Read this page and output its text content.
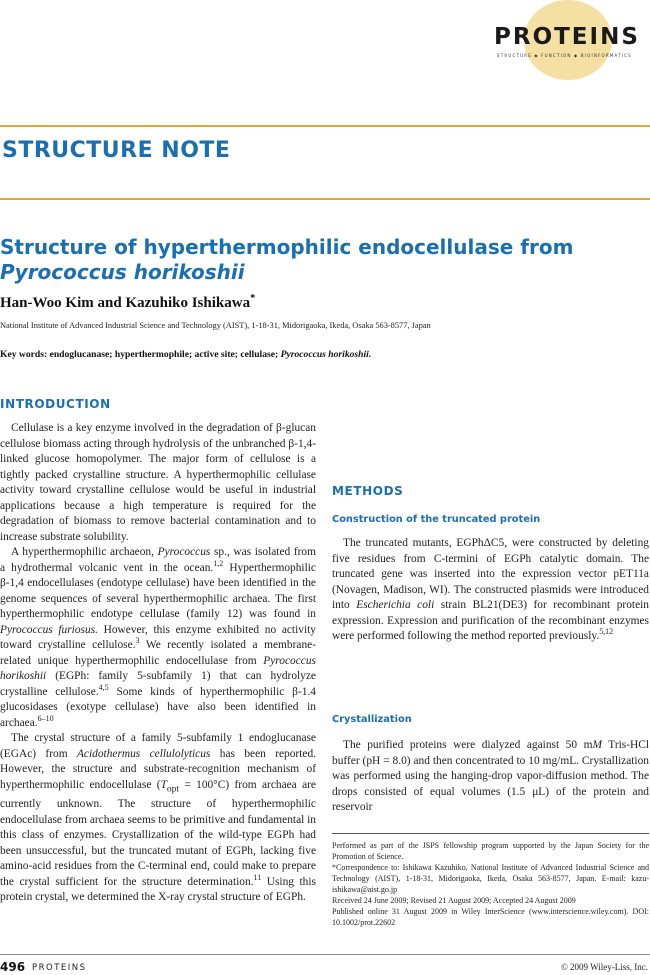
PROTEINS
STRUCTURE ◆ FUNCTION ◆ BIOINFORMATICS
STRUCTURE NOTE
Structure of hyperthermophilic endocellulase from Pyrococcus horikoshii
Han-Woo Kim and Kazuhiko Ishikawa*
National Institute of Advanced Industrial Science and Technology (AIST), 1-18-31, Midorigaoka, Ikeda, Osaka 563-8577, Japan
Key words: endoglucanase; hyperthermophile; active site; cellulase; Pyrococcus horikoshii.
INTRODUCTION

Cellulase is a key enzyme involved in the degradation of β-glucan cellulose biomass acting through hydrolysis of the unbranched β-1,4-linked glucose homopolymer. The major form of cellulose is a tightly packed crystalline structure. A hyperthermophilic cellulase activity toward crystalline cellulose would be useful in industrial applications because a high temperature is required for the degradation of biomass to remove bacterial contamination and to increase substrate solubility.

A hyperthermophilic archaeon, Pyrococcus sp., was isolated from a hydrothermal volcanic vent in the ocean.$^{1,2}$ Hyperthermophilic β-1,4 endocellulases (endotype cellulase) have been identified in the genome sequences of several hyperthermophilic archaea. The first hyperthermophilic endotype cellulase (family 12) was found in Pyrococcus furiosus. However, this enzyme exhibited no activity toward crystalline cellulose.$^3$ We recently isolated a membrane-related unique hyperthermophilic endocellulase from Pyrococcus horikoshii (EGPh: family 5-subfamily 1) that can hydrolyze crystalline cellulose.$^{4,5}$ Some kinds of hyperthermophilic β-1.4 glucosidases (exotype cellulase) have also been identified in archaea.$^{6-10}$

The crystal structure of a family 5-subfamily 1 endoglucanase (EGAc) from Acidothermus cellulolyticus has been reported. However, the structure and substrate-recognition mechanism of hyperthermophilic endocellulase $(T_{opt} = 100^\circ C)$ from archaea are currently unknown. The structure of hyperthermophilic endocellulase from archaea seems to be primitive and fundamental in this class of enzymes. Crystallization of the wild-type EGPh had been unsuccessful, but the truncated mutant of EGPh, lacking five amino-acid residues from the C-terminal end, could make to prepare the crystal sufficient for the structure determination.$^{11}$ Using this protein crystal, we determined the X-ray crystal structure of EGPh.

METHODS
Construction of the truncated protein

The truncated mutants, EGPhΔC5, were constructed by deleting five residues from C-termini of EGPh catalytic domain. The truncated gene was inserted into the expression vector pET11a (Novagen, Madison, WI). The constructed plasmids were introduced into Escherichia coli strain BL21(DE3) for recombinant protein expression. Expression and purification of the recombinant enzymes were performed following the method reported previously.$^{5,12}$

Crystallization

The purified proteins were dialyzed against 50 mM Tris-HCl buffer (pH = 8.0) and then concentrated to 10 mg/mL. Crystallization was performed using the hanging-drop vapor-diffusion method. The drops consisted of equal volumes (1.5 μL) of the protein and reservoir

Performed as part of the JSPS fellowship program supported by the Japan Society for the Promotion of Science.
*Correspondence to: Ishikawa Kazuhiko, National Institute of Advanced Industrial Science and Technology (AIST), 1-18-31, Midorigaoka, Ikeda, Osaka 563-8577, Japan. E-mail: kazu-ishikawa@aist.go.jp
Received 24 June 2009; Revised 21 August 2009; Accepted 24 August 2009
Published online 31 August 2009 in Wiley InterScience (www.interscience.wiley.com). DOI: 10.1002/prot.22602
496 PROTEINS	© 2009 Wiley-Liss, Inc.
